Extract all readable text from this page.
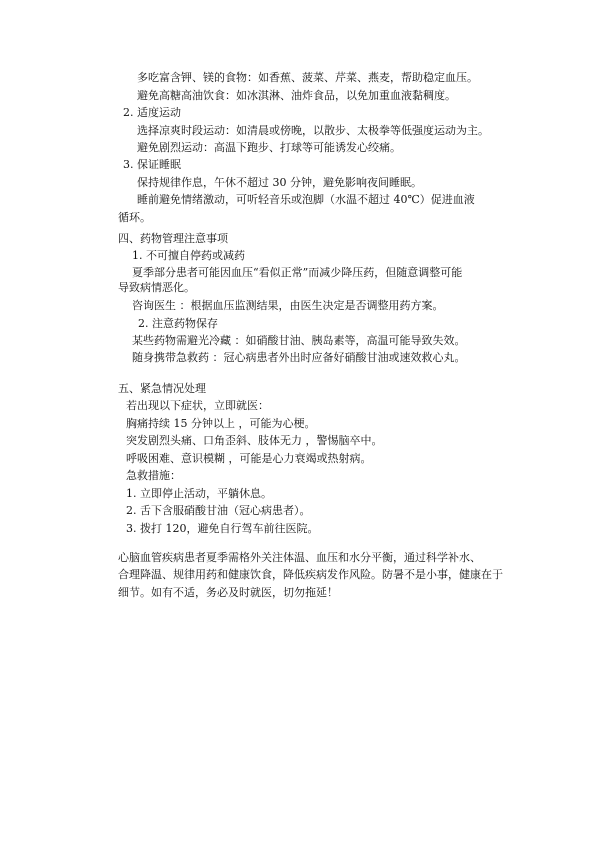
多吃富含钾、镁的食物：如香蕉、菠菜、芹菜、燕麦，帮助稳定血压。
避免高糖高油饮食：如冰淇淋、油炸食品，以免加重血液黏稠度。
2. 适度运动
选择凉爽时段运动：如清晨或傍晚，以散步、太极拳等低强度运动为主。
避免剧烈运动：高温下跑步、打球等可能诱发心绞痛。
3. 保证睡眠
保持规律作息，午休不超过 30 分钟，避免影响夜间睡眠。
睡前避免情绪激动，可听轻音乐或泡脚（水温不超过 40℃）促进血液
循环。
四、药物管理注意事项
1. 不可擅自停药或减药
夏季部分患者可能因血压“看似正常”而减少降压药，但随意调整可能
导致病情恶化。
咨询医生 ：根据血压监测结果，由医生决定是否调整用药方案。
2. 注意药物保存
某些药物需避光冷藏 ：如硝酸甘油、胰岛素等，高温可能导致失效。
随身携带急救药 ：冠心病患者外出时应备好硝酸甘油或速效救心丸。
五、紧急情况处理
若出现以下症状，立即就医：
胸痛持续 15 分钟以上 ，可能为心梗。
突发剧烈头痛、口角歪斜、肢体无力 ，警惕脑卒中。
呼吸困难、意识模糊 ，可能是心力衰竭或热射病。
急救措施：
1. 立即停止活动，平躺休息。
2. 舌下含服硝酸甘油（冠心病患者）。
3. 拨打 120，避免自行驾车前往医院。
心脑血管疾病患者夏季需格外关注体温、血压和水分平衡，通过科学补水、
合理降温、规律用药和健康饮食，降低疾病发作风险。防暑不是小事，健康在于
细节。如有不适，务必及时就医，切勿拖延！
